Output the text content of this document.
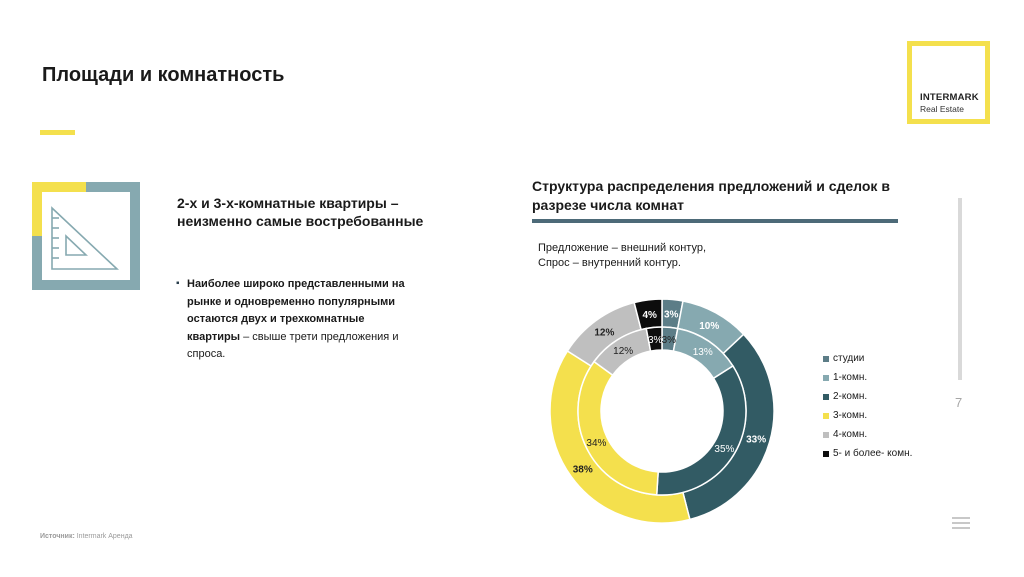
Площади и комнатность
INTERMARK
Real Estate
2-х и 3-х-комнатные квартиры – неизменно самые востребованные
▪ Наиболее широко представленными на рынке и одновременно популярными остаются двух и трехкомнатные квартиры – свыше трети предложения и спроса.
Структура распределения предложений и сделок в разрезе числа комнат
Предложение – внешний контур,
Спрос – внутренний контур.
3%
10%
33%
38%
12%
4%
3%
13%
35%
34%
12%
3%
студии
1-комн.
2-комн.
3-комн.
4-комн.
5- и более- комн.
7
Источник: Intermark Аренда
